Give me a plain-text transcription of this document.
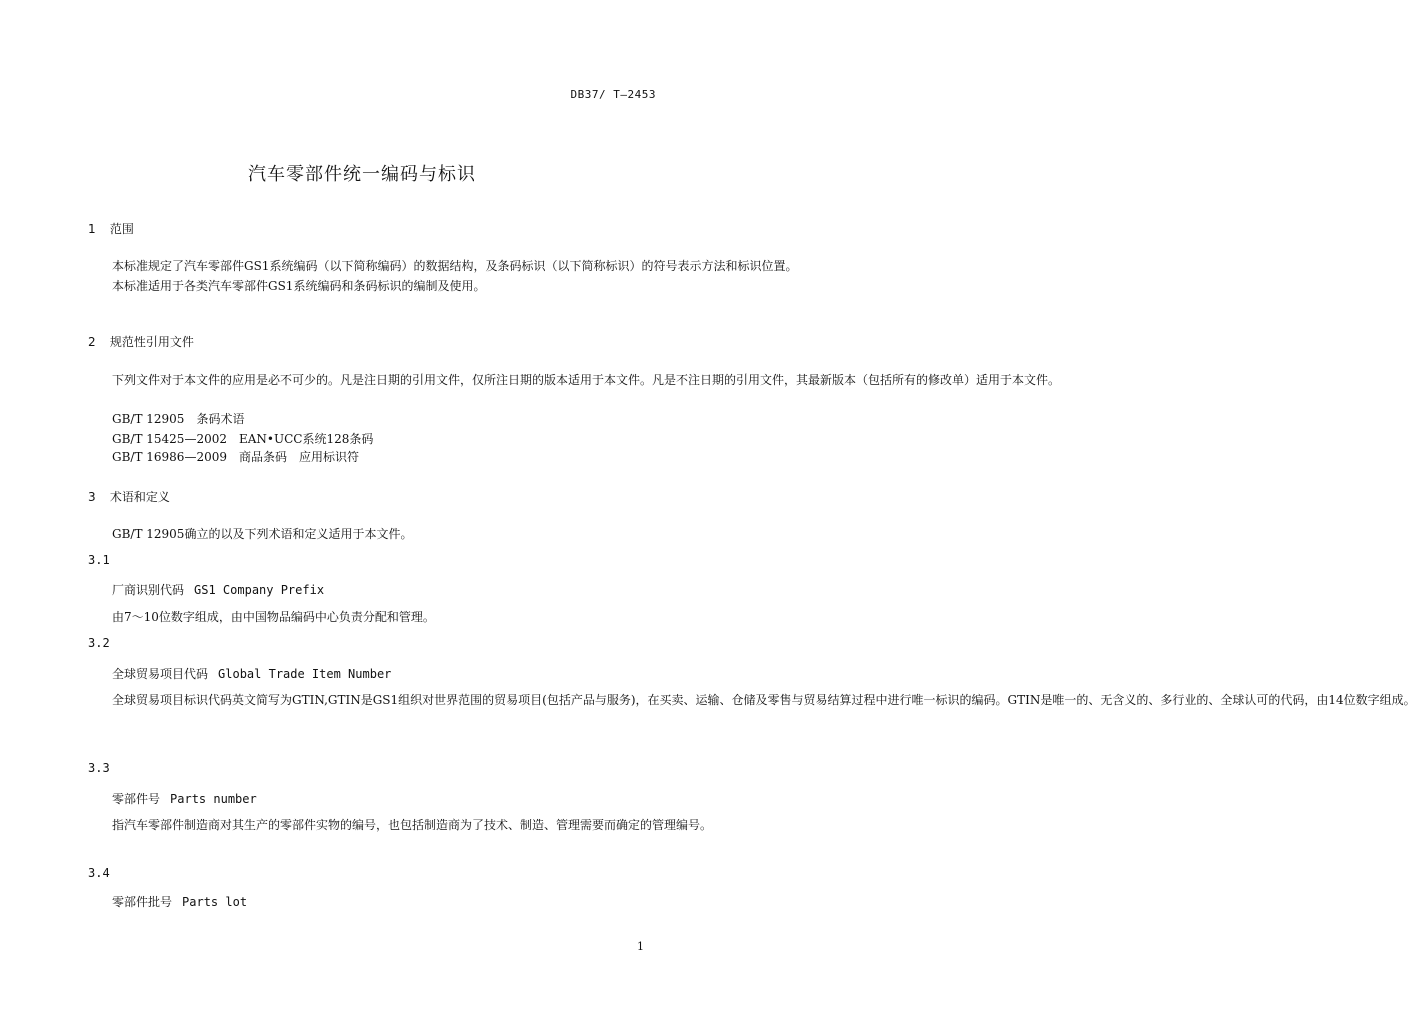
DB37/ T—2453
汽车零部件统一编码与标识
1 范围

本标准规定了汽车零部件GS1系统编码（以下简称编码）的数据结构，及条码标识（以下简称标识）的符号表示方法和标识位置。

本标准适用于各类汽车零部件GS1系统编码和条码标识的编制及使用。

2 规范性引用文件

下列文件对于本文件的应用是必不可少的。凡是注日期的引用文件，仅所注日期的版本适用于本文件。凡是不注日期的引用文件，其最新版本（包括所有的修改单）适用于本文件。

GB/T 12905　条码术语
GB/T 15425—2002　EAN•UCC系统128条码
GB/T 16986—2009　商品条码　应用标识符
3 术语和定义
GB/T 12905确立的以及下列术语和定义适用于本文件。
3.1
厂商识别代码 GS1 Company Prefix
由7～10位数字组成，由中国物品编码中心负责分配和管理。
3.2
全球贸易项目代码 Global Trade Item Number

全球贸易项目标识代码英文简写为GTIN,GTIN是GS1组织对世界范围的贸易项目(包括产品与服务)，在买卖、运输、仓储及零售与贸易结算过程中进行唯一标识的编码。GTIN是唯一的、无含义的、多行业的、全球认可的代码，由14位数字组成。

3.3
零部件号 Parts number

指汽车零部件制造商对其生产的零部件实物的编号，也包括制造商为了技术、制造、管理需要而确定的管理编号。

3.4
零部件批号 Parts lot
1
